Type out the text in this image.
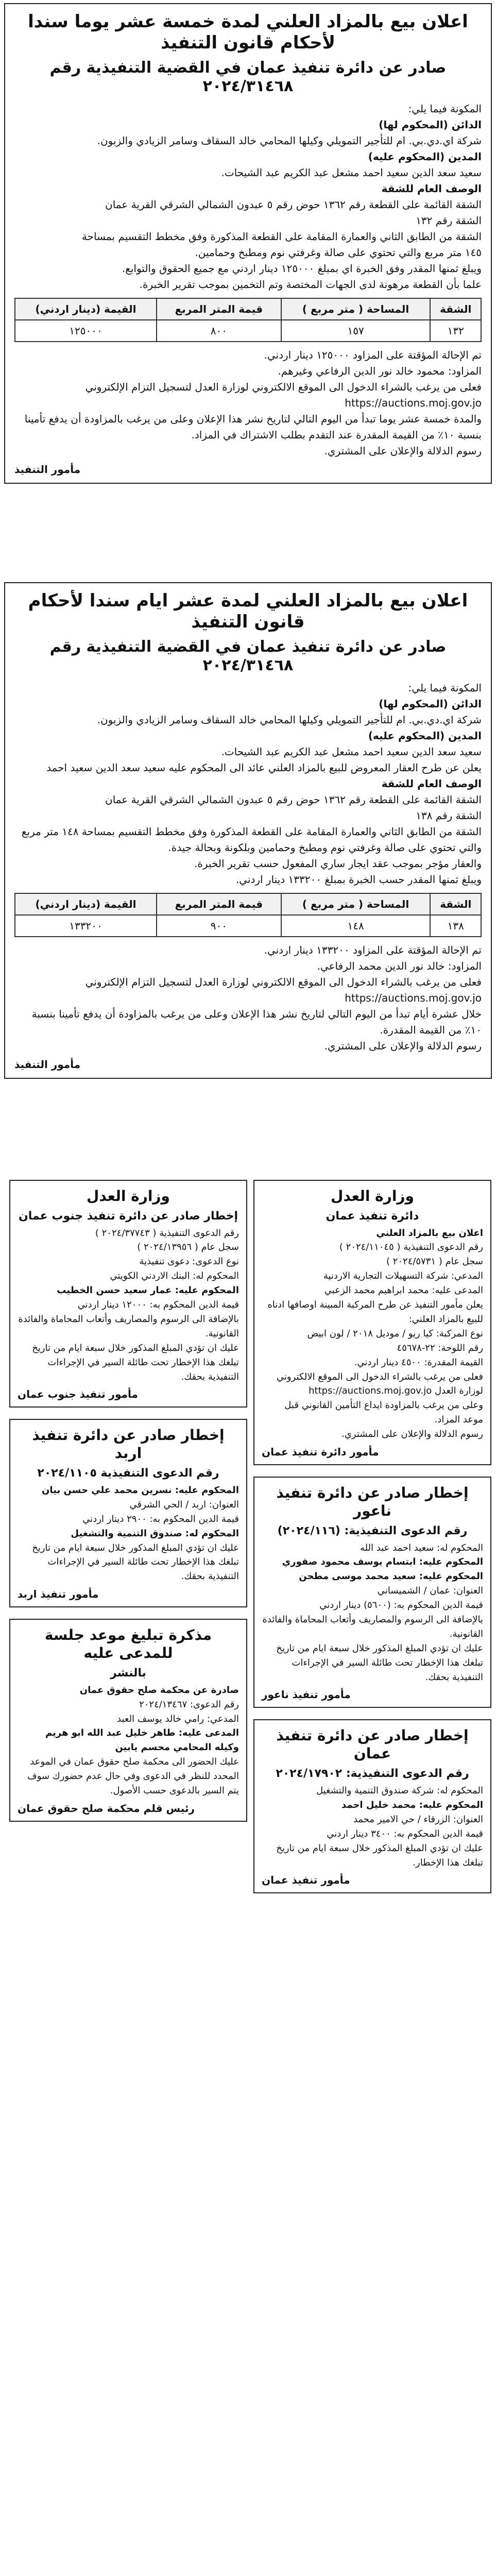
اعلان بيع بالمزاد العلني لمدة خمسة عشر يوما سندا لأحكام قانون التنفيذ
صادر عن دائرة تنفيذ عمان في القضية التنفيذية رقم ٢٠٢٤/٣١٤٦٨

المكونة فيما يلي:

الدائن (المحكوم لها)

شركة اي.دي.بي. ام للتأجير التمويلي وكيلها المحامي خالد السقاف وسامر الزيادي والزبون.

المدين (المحكوم عليه)

سعيد سعد الدين سعيد احمد مشعل عبد الكريم عبد الشيحات.

الوصف العام للشقة

الشقة القائمة على القطعة رقم ١٣٦٢ حوض رقم ٥ عبدون الشمالي الشرقي القرية عمان

الشقة رقم ١٣٢

الشقة من الطابق الثاني والعمارة المقامة على القطعة المذكورة وفق مخطط التقسيم بمساحة

١٤٥ متر مربع والتي تحتوي على صالة وغرفتي نوم ومطبخ وحمامين.

ويبلغ ثمنها المقدر وفق الخبرة اي بمبلغ ١٢٥٠٠٠ دينار اردني مع جميع الحقوق والتوابع.

علما بأن القطعة مرهونة لدى الجهات المختصة وتم التخمين بموجب تقرير الخبرة.

الشقة	المساحة ( متر مربع )	قيمة المتر المربع	القيمة (دينار اردني)
١٣٢	١٥٧	٨٠٠	١٢٥٠٠٠

تم الإحالة المؤقتة على المزاود ١٢٥٠٠٠ دينار اردني.

المزاود: محمود خالد نور الدين الرفاعي وغيرهم.

فعلى من يرغب بالشراء الدخول الى الموقع الالكتروني لوزارة العدل لتسجيل التزام الإلكتروني https://auctions.moj.gov.jo

والمدة خمسة عشر يوما تبدأ من اليوم التالي لتاريخ نشر هذا الإعلان وعلى من يرغب بالمزاودة أن يدفع تأمينا بنسبة ١٠٪ من القيمة المقدرة عند التقدم بطلب الاشتراك في المزاد.

رسوم الدلالة والإعلان على المشتري.

مأمور التنفيذ
اعلان بيع بالمزاد العلني لمدة عشر ايام سندا لأحكام قانون التنفيذ
صادر عن دائرة تنفيذ عمان في القضية التنفيذية رقم ٢٠٢٤/٣١٤٦٨

المكونة فيما يلي:

الدائن (المحكوم لها)

شركة اي.دي.بي. ام للتأجير التمويلي وكيلها المحامي خالد السقاف وسامر الزيادي والزبون.

المدين (المحكوم عليه)

سعيد سعد الدين سعيد احمد مشعل عبد الكريم عبد الشيحات.

يعلن عن طرح العقار المعروض للبيع بالمزاد العلني عائد الى المحكوم عليه سعيد سعد الدين سعيد احمد

الوصف العام للشقة

الشقة القائمة على القطعة رقم ١٣٦٢ حوض رقم ٥ عبدون الشمالي الشرقي القرية عمان

الشقة رقم ١٣٨

الشقة من الطابق الثاني والعمارة المقامة على القطعة المذكورة وفق مخطط التقسيم بمساحة ١٤٨ متر مربع

والتي تحتوي على صالة وغرفتي نوم ومطبخ وحمامين وبلكونة وبحالة جيدة.

والعقار مؤجر بموجب عقد ايجار ساري المفعول حسب تقرير الخبرة.

ويبلغ ثمنها المقدر حسب الخبرة بمبلغ ١٣٣٢٠٠ دينار اردني.

الشقة	المساحة ( متر مربع )	قيمة المتر المربع	القيمة (دينار اردني)
١٣٨	١٤٨	٩٠٠	١٣٣٢٠٠

تم الإحالة المؤقتة على المزاود ١٣٣٢٠٠ دينار اردني.

المزاود: خالد نور الدين محمد الرفاعي.

فعلى من يرغب بالشراء الدخول الى الموقع الالكتروني لوزارة العدل لتسجيل التزام الإلكتروني https://auctions.moj.gov.jo

خلال عشرة أيام تبدأ من اليوم التالي لتاريخ نشر هذا الإعلان وعلى من يرغب بالمزاودة أن يدفع تأمينا بنسبة ١٠٪ من القيمة المقدرة.

رسوم الدلالة والإعلان على المشتري.

مأمور التنفيذ
وزارة العدل
دائرة تنفيذ عمان

اعلان بيع بالمزاد العلني

رقم الدعوى التنفيذية ( ٢٠٢٤/١١٠٤٥ )

سجل عام ( ٢٠٢٤/٥٧٣١ )

المدعي: شركة التسهيلات التجارية الاردنية

المدعى عليه: محمد ابراهيم محمد الزعبي

يعلن مأمور التنفيذ عن طرح المركبة المبينة اوصافها ادناه للبيع بالمزاد العلني:

نوع المركبة: كيا ريو / موديل ٢٠١٨ / لون ابيض

رقم اللوحة: ٢٢-٤٥٦٧٨

القيمة المقدرة: ٤٥٠٠ دينار اردني.

فعلى من يرغب بالشراء الدخول الى الموقع الالكتروني لوزارة العدل https://auctions.moj.gov.jo

وعلى من يرغب بالمزاودة ايداع التأمين القانوني قبل موعد المزاد.

رسوم الدلالة والإعلان على المشتري.

مأمور دائرة تنفيذ عمان
إخطار صادر عن دائرة تنفيذ ناعور
رقم الدعوى التنفيذية: (٢٠٢٤/١١٦)

المحكوم له: سعيد احمد عبد الله

المحكوم عليه: ابتسام يوسف محمود صقوري

المحكوم عليه: سعيد محمد موسى مطحن

العنوان: عمان / الشميساني

قيمة الدين المحكوم به: (٥٦٠٠) دينار اردني

بالإضافة الى الرسوم والمصاريف وأتعاب المحاماة والفائدة القانونية.

عليك ان تؤدي المبلغ المذكور خلال سبعة ايام من تاريخ تبلغك هذا الإخطار تحت طائلة السير في الإجراءات التنفيذية بحقك.

مأمور تنفيذ ناعور
إخطار صادر عن دائرة تنفيذ عمان
رقم الدعوى التنفيذية: ٢٠٢٤/١٧٩٠٢

المحكوم له: شركة صندوق التنمية والتشغيل

المحكوم عليه: محمد خليل احمد

العنوان: الزرقاء / حي الامير محمد

قيمة الدين المحكوم به: ٣٤٠٠ دينار اردني

عليك ان تؤدي المبلغ المذكور خلال سبعة ايام من تاريخ تبلغك هذا الإخطار.

مأمور تنفيذ عمان
وزارة العدل
إخطار صادر عن دائرة تنفيذ جنوب عمان

رقم الدعوى التنفيذية ( ٢٠٢٤/٣٧٧٤٣ )

سجل عام ( ٢٠٢٤/١٣٩٥٦ )

نوع الدعوى: دعوى تنفيذية

المحكوم له: البنك الاردني الكويتي

المحكوم عليه: عمار سعيد حسن الخطيب

قيمة الدين المحكوم به: ١٢٠٠٠ دينار اردني

بالإضافة الى الرسوم والمصاريف وأتعاب المحاماة والفائدة القانونية.

عليك ان تؤدي المبلغ المذكور خلال سبعة ايام من تاريخ تبلغك هذا الإخطار تحت طائلة السير في الإجراءات التنفيذية بحقك.

مأمور تنفيذ جنوب عمان
إخطار صادر عن دائرة تنفيذ اربد
رقم الدعوى التنفيذية ٢٠٢٤/١١٠٥

المحكوم عليه: نسرين محمد علي حسن بيان

العنوان: اربد / الحي الشرقي

قيمة الدين المحكوم به: ٢٩٠٠ دينار اردني

المحكوم له: صندوق التنمية والتشغيل

عليك ان تؤدي المبلغ المذكور خلال سبعة ايام من تاريخ تبلغك هذا الإخطار تحت طائلة السير في الإجراءات التنفيذية بحقك.

مأمور تنفيذ اربد
مذكرة تبليغ موعد جلسة للمدعى عليه
بالنشر

صادرة عن محكمة صلح حقوق عمان

رقم الدعوى: ٢٠٢٤/١٣٤٦٧

المدعي: رامي خالد يوسف العبد

المدعى عليه: طاهر خليل عبد الله ابو هريم

وكيله المحامي محسم يابين

عليك الحضور الى محكمة صلح حقوق عمان في الموعد المحدد للنظر في الدعوى وفي حال عدم حضورك سوف يتم السير بالدعوى حسب الأصول.

رئيس قلم محكمة صلح حقوق عمان
